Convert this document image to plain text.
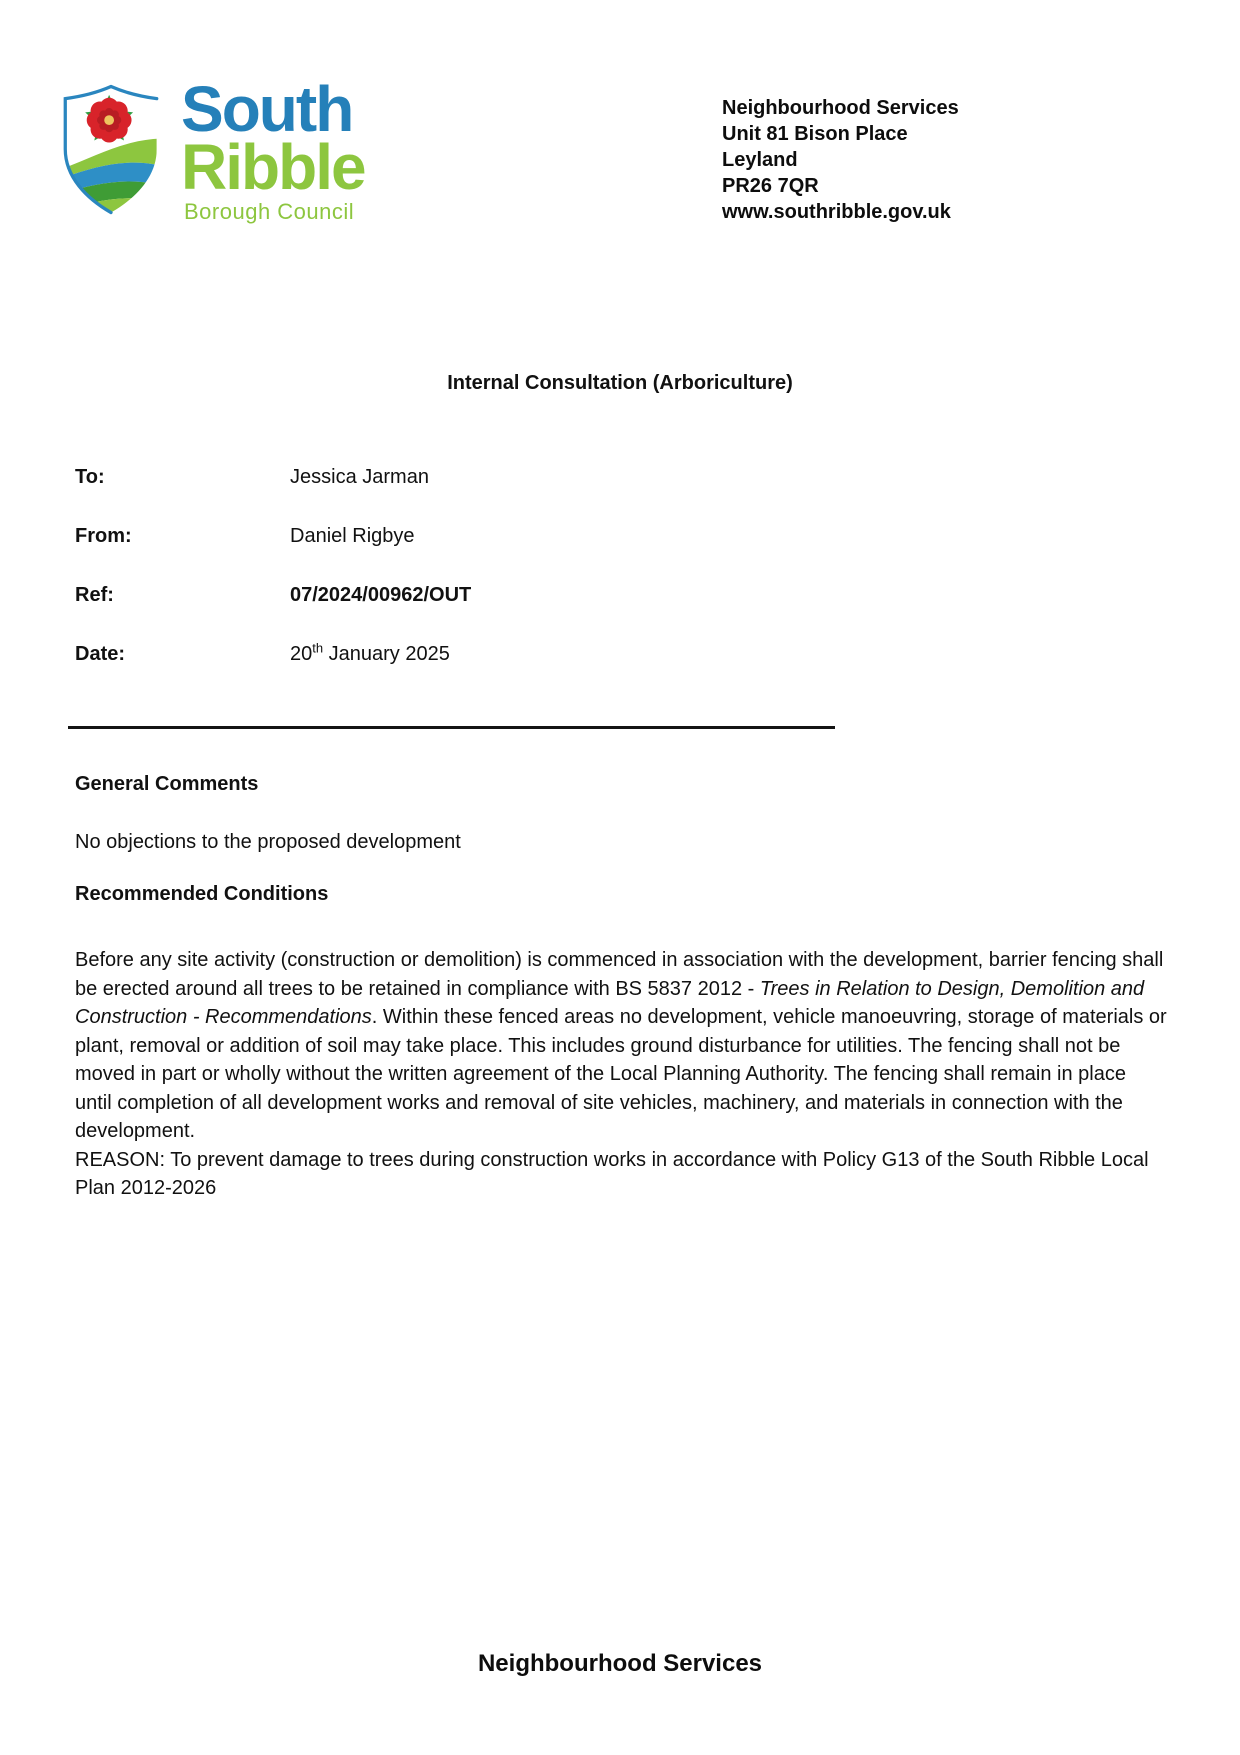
South
Ribble
Borough Council
Neighbourhood Services
Unit 81 Bison Place
Leyland
PR26 7QR
www.southribble.gov.uk
Internal Consultation (Arboriculture)
To:	Jessica Jarman
From:	Daniel Rigbye
Ref:	07/2024/00962/OUT
Date:	20th January 2025
General Comments
No objections to the proposed development
Recommended Conditions
Before any site activity (construction or demolition) is commenced in association with the development, barrier fencing shall be erected around all trees to be retained in compliance with BS 5837 2012 - Trees in Relation to Design, Demolition and Construction - Recommendations. Within these fenced areas no development, vehicle manoeuvring, storage of materials or plant, removal or addition of soil may take place. This includes ground disturbance for utilities. The fencing shall not be moved in part or wholly without the written agreement of the Local Planning Authority. The fencing shall remain in place until completion of all development works and removal of site vehicles, machinery, and materials in connection with the development.
REASON: To prevent damage to trees during construction works in accordance with Policy G13 of the South Ribble Local Plan 2012-2026
Neighbourhood Services
